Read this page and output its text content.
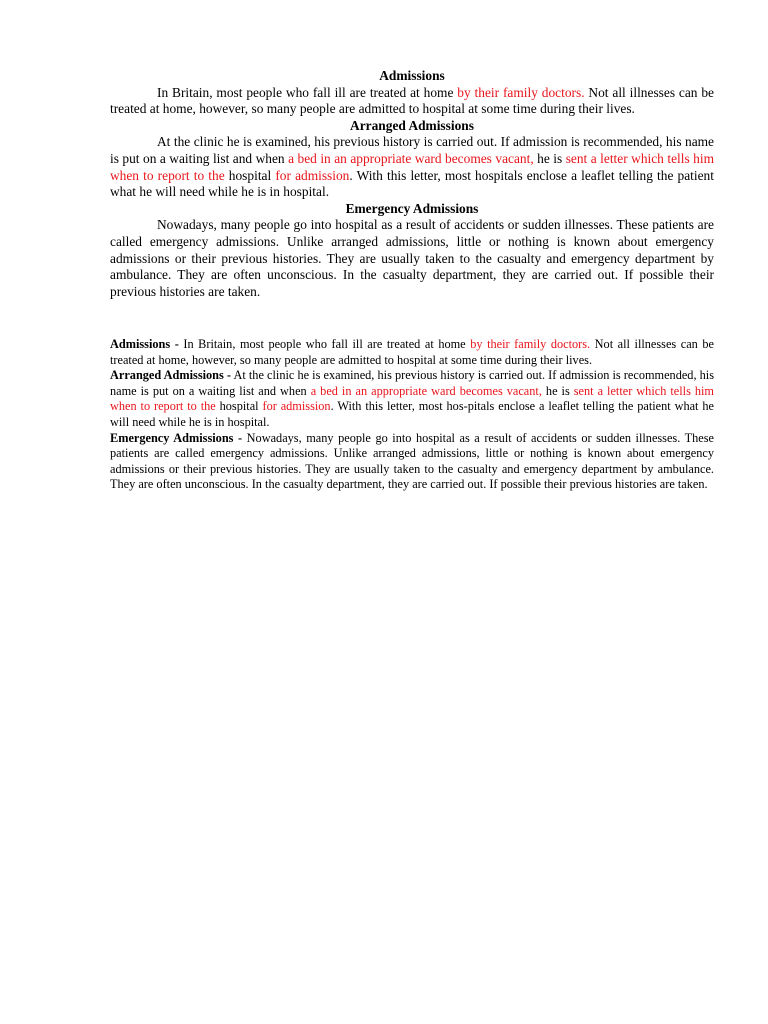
Admissions

In Britain, most people who fall ill are treated at home by their family doctors. Not all illnesses can be treated at home, however, so many people are admitted to hospital at some time during their lives.

Arranged Admissions

At the clinic he is examined, his previous history is carried out. If admission is recommended, his name is put on a waiting list and when a bed in an appropriate ward becomes vacant, he is sent a letter which tells him when to report to the hospital for admission. With this letter, most hospitals enclose a leaflet telling the patient what he will need while he is in hospital.

Emergency Admissions

Nowadays, many people go into hospital as a result of accidents or sudden illnesses. These patients are called emergency admissions. Unlike arranged admissions, little or nothing is known about emergency admissions or their previous histories. They are usually taken to the casualty and emergency department by ambulance. They are often unconscious. In the casualty department, they are carried out. If possible their previous histories are taken.

Admissions - In Britain, most people who fall ill are treated at home by their family doctors. Not all illnesses can be treated at home, however, so many people are admitted to hospital at some time during their lives.

Arranged Admissions - At the clinic he is examined, his previous history is carried out. If admission is recommended, his name is put on a waiting list and when a bed in an appropriate ward becomes vacant, he is sent a letter which tells him when to report to the hospital for admission. With this letter, most hos-pitals enclose a leaflet telling the patient what he will need while he is in hospital.

Emergency Admissions - Nowadays, many people go into hospital as a result of accidents or sudden illnesses. These patients are called emergency admissions. Unlike arranged admissions, little or nothing is known about emergency admissions or their previous histories. They are usually taken to the casualty and emergency department by ambulance. They are often unconscious. In the casualty department, they are carried out. If possible their previous histories are taken.
